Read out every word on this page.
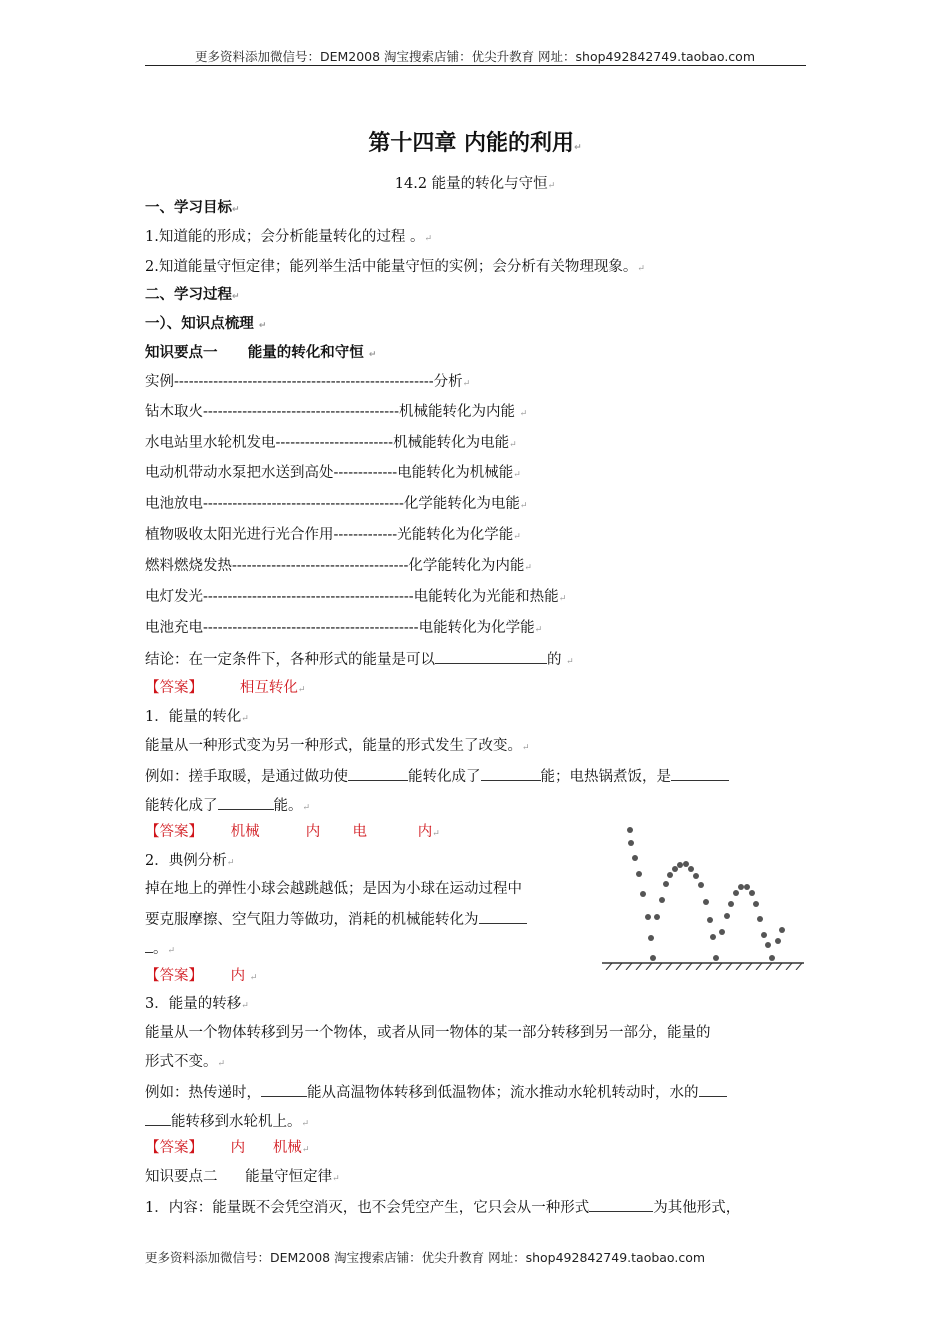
更多资料添加微信号：DEM2008 淘宝搜索店铺：优尖升教育 网址：shop492842749.taobao.com
第十四章 内能的利用↵
14.2 能量的转化与守恒↵
一、学习目标↵
1.知道能的形成；会分析能量转化的过程 。↵
2.知道能量守恒定律；能列举生活中能量守恒的实例；会分析有关物理现象。↵
二、学习过程↵
一）、知识点梳理 ↵
知识要点一 能量的转化和守恒 ↵
实例-----------------------------------------------------分析↵
钻木取火----------------------------------------机械能转化为内能 ↵
水电站里水轮机发电------------------------机械能转化为电能↵
电动机带动水泵把水送到高处-------------电能转化为机械能↵
电池放电-----------------------------------------化学能转化为电能↵
植物吸收太阳光进行光合作用-------------光能转化为化学能↵
燃料燃烧发热------------------------------------化学能转化为内能↵
电灯发光-------------------------------------------电能转化为光能和热能↵
电池充电--------------------------------------------电能转化为化学能↵
结论：在一定条件下，各种形式的能量是可以	的 ↵
【答案】	相互转化↵
1．能量的转化↵
能量从一种形式变为另一种形式，能量的形式发生了改变。↵
例如：搓手取暖，是通过做功使	能转化成了	能；电热锅煮饭，是
能转化成了	能。↵
【答案】 机械	内 电	内↵
2．典例分析↵
掉在地上的弹性小球会越跳越低；是因为小球在运动过程中
要克服摩擦、空气阻力等做功，消耗的机械能转化为
。↵
【答案】 内 ↵
3．能量的转移↵
能量从一个物体转移到另一个物体，或者从同一物体的某一部分转移到另一部分，能量的
形式不变。↵
例如：热传递时，	能从高温物体转移到低温物体；流水推动水轮机转动时，水的
能转移到水轮机上。↵
【答案】 内 机械↵
知识要点二 能量守恒定律↵
1．内容：能量既不会凭空消灭，也不会凭空产生，它只会从一种形式	为其他形式，
更多资料添加微信号：DEM2008 淘宝搜索店铺：优尖升教育 网址：shop492842749.taobao.com
